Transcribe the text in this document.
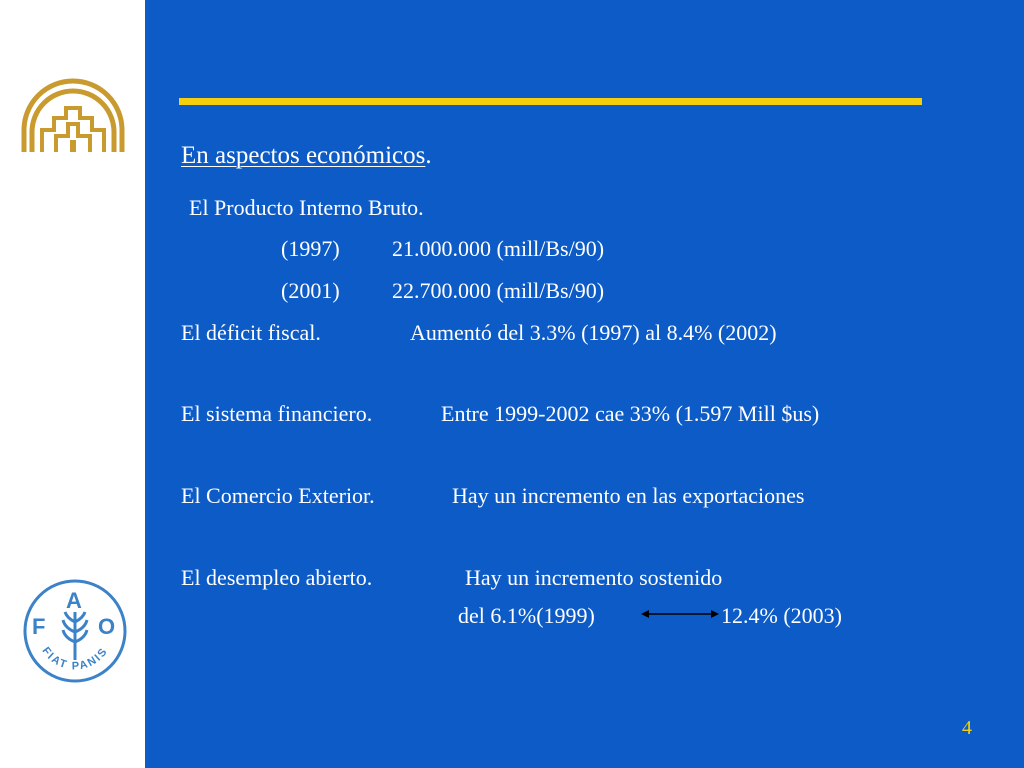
F
A
O
FIAT PANIS
En aspectos económicos.
El Producto Interno Bruto.
(1997) 21.000.000 (mill/Bs/90)
(2001) 22.700.000 (mill/Bs/90)
El déficit fiscal.	Aumentó del 3.3% (1997) al 8.4% (2002)
El sistema financiero.	Entre 1999-2002 cae 33% (1.597 Mill $us)
El Comercio Exterior.	Hay un incremento en las exportaciones
El desempleo abierto.	Hay un incremento sostenido
del 6.1%(1999)	12.4% (2003)
4
